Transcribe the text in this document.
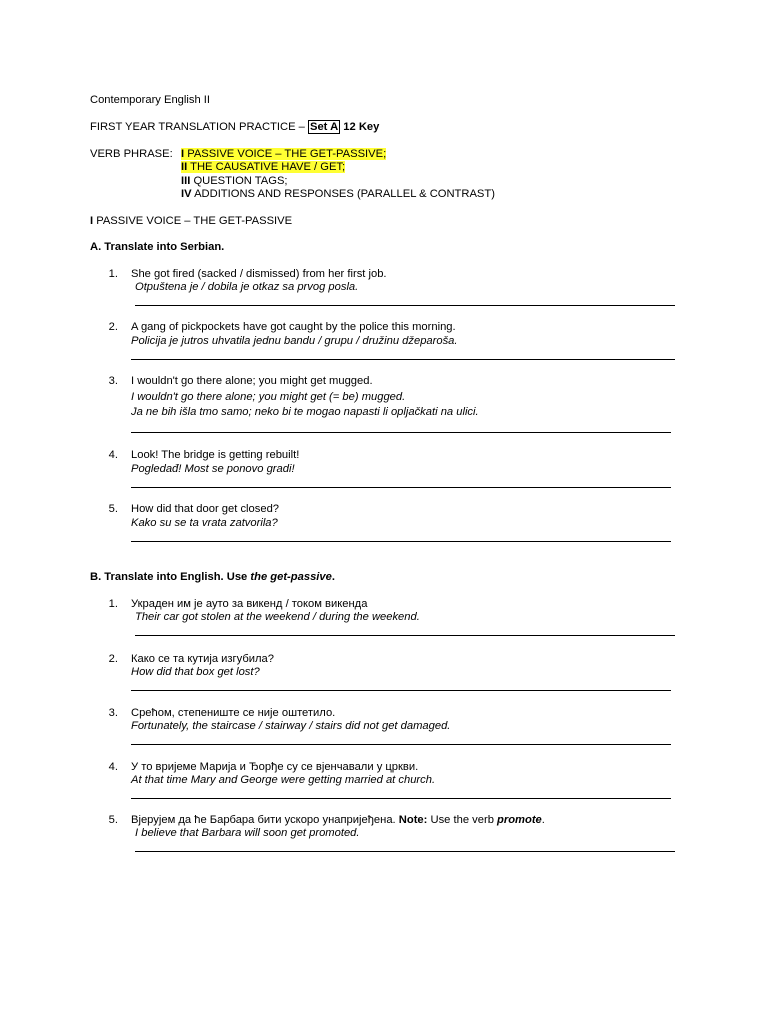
Contemporary English II
FIRST YEAR TRANSLATION PRACTICE – Set A 12 Key
VERB PHRASE: I PASSIVE VOICE – THE GET-PASSIVE;
II THE CAUSATIVE HAVE / GET;
III QUESTION TAGS;
IV ADDITIONS AND RESPONSES (PARALLEL & CONTRAST)
I PASSIVE VOICE – THE GET-PASSIVE
A. Translate into Serbian.
1. She got fired (sacked / dismissed) from her first job.
Otpuštena je / dobila je otkaz sa prvog posla.
2. A gang of pickpockets have got caught by the police this morning.
Policija je jutros uhvatila jednu bandu / grupu / družinu džeparoša.
3. I wouldn't go there alone; you might get mugged.
I wouldn't go there alone; you might get (= be) mugged.
Ja ne bih išla tmo samo; neko bi te mogao napasti li opljačkati na ulici.
4. Look! The bridge is getting rebuilt!
Pogledađ! Most se ponovo gradi!
5. How did that door get closed?
Kako su se ta vrata zatvorila?
B. Translate into English. Use the get-passive.
1. Украден им је ауто за викенд / током викенда
Their car got stolen at the weekend / during the weekend.
2. Како се та кутија изгубила?
How did that box get lost?
3. Срећом, степениште се није оштетило.
Fortunately, the staircase / stairway / stairs did not get damaged.
4. У то вријеме Марија и Ђорђе су се вјенчавали у цркви.
At that time Mary and George were getting married at church.
5. Вјерујем да ће Барбара бити ускоро унапријеђена. Note: Use the verb promote.
I believe that Barbara will soon get promoted.
